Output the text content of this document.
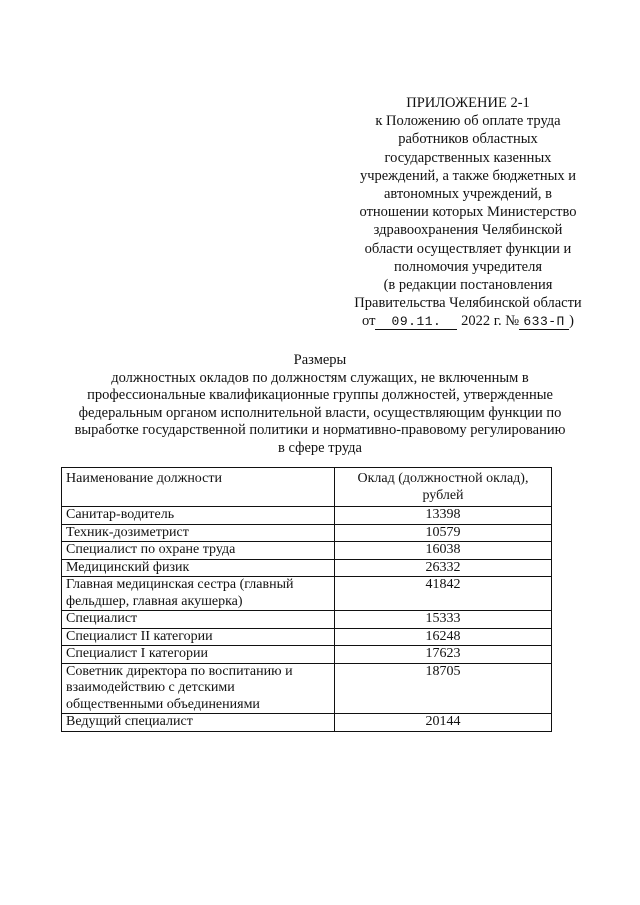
ПРИЛОЖЕНИЕ 2-1
к Положению об оплате труда
работников областных
государственных казенных
учреждений, а также бюджетных и
автономных учреждений, в
отношении которых Министерство
здравоохранения Челябинской
области осуществляет функции и
полномочия учредителя
(в редакции постановления
Правительства Челябинской области
от 09.11. 2022 г. № 633-П )
Размеры
должностных окладов по должностям служащих, не включенным в
профессиональные квалификационные группы должностей, утвержденные
федеральным органом исполнительной власти, осуществляющим функции по
выработке государственной политики и нормативно-правовому регулированию
в сфере труда
Наименование должности	Оклад (должностной оклад), рублей
Санитар-водитель	13398
Техник-дозиметрист	10579
Специалист по охране труда	16038
Медицинский физик	26332
Главная медицинская сестра (главный фельдшер, главная акушерка)	41842
Специалист	15333
Специалист II категории	16248
Специалист I категории	17623
Советник директора по воспитанию и взаимодействию с детскими общественными объединениями	18705
Ведущий специалист	20144
